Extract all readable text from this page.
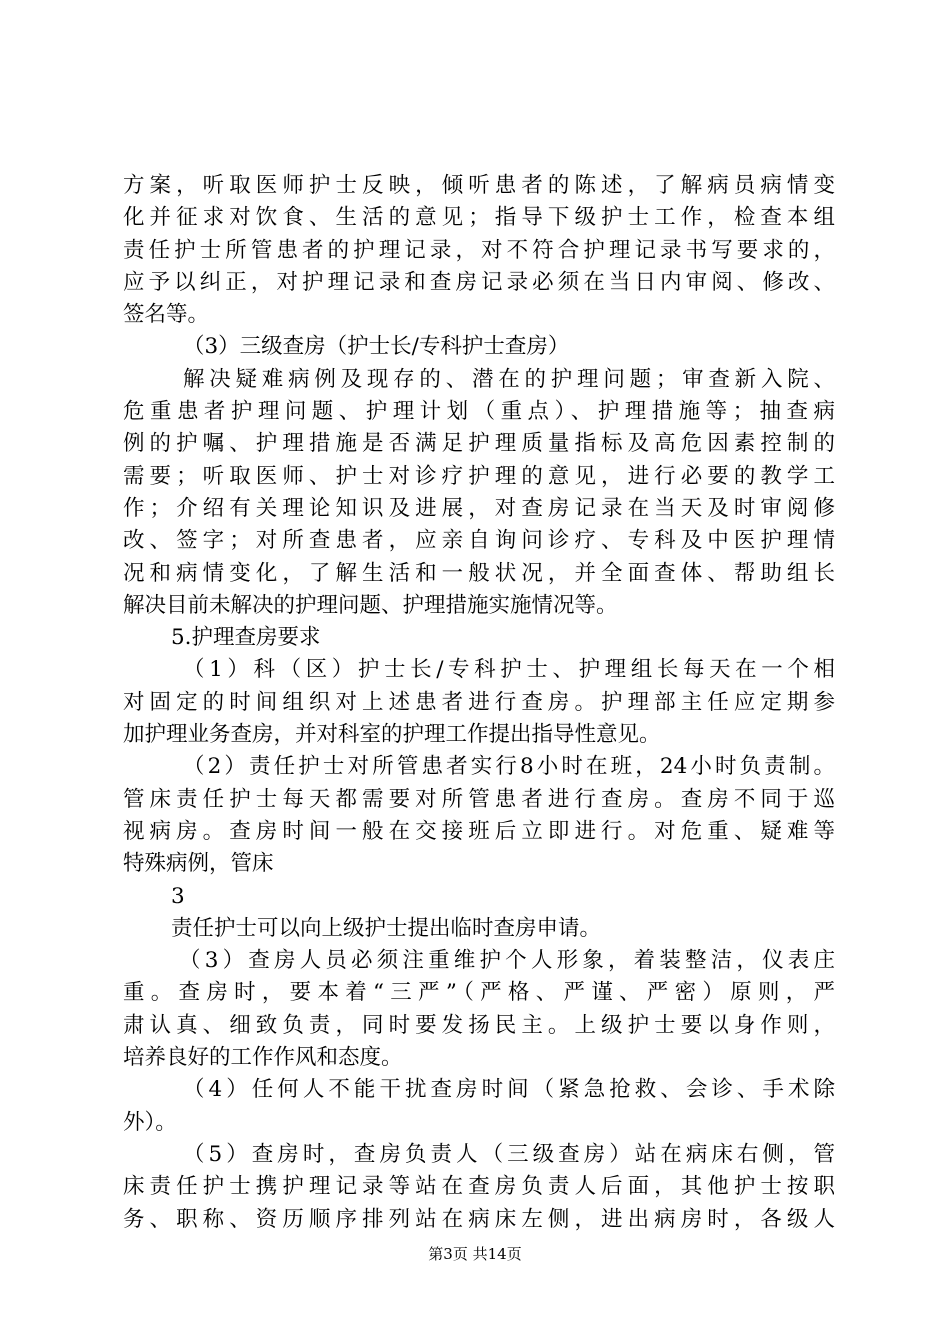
方案，听取医师护士反映，倾听患者的陈述，了解病员病情变
化并征求对饮食、生活的意见；指导下级护士工作，检查本组
责任护士所管患者的护理记录，对不符合护理记录书写要求的，
应予以纠正，对护理记录和查房记录必须在当日内审阅、修改、
签名等。
（3）三级查房（护士长/专科护士查房）
解决疑难病例及现存的、潜在的护理问题；审查新入院、
危重患者护理问题、护理计划（重点）、护理措施等；抽查病
例的护嘱、护理措施是否满足护理质量指标及高危因素控制的
需要；听取医师、护士对诊疗护理的意见，进行必要的教学工
作；介绍有关理论知识及进展，对查房记录在当天及时审阅修
改、签字；对所查患者，应亲自询问诊疗、专科及中医护理情
况和病情变化，了解生活和一般状况，并全面查体、帮助组长
解决目前未解决的护理问题、护理措施实施情况等。
5.护理查房要求
（1）科（区）护士长/专科护士、护理组长每天在一个相
对固定的时间组织对上述患者进行查房。护理部主任应定期参
加护理业务查房，并对科室的护理工作提出指导性意见。
（2）责任护士对所管患者实行8小时在班，24小时负责制。
管床责任护士每天都需要对所管患者进行查房。查房不同于巡
视病房。查房时间一般在交接班后立即进行。对危重、疑难等
特殊病例，管床
3
责任护士可以向上级护士提出临时查房申请。
（3）查房人员必须注重维护个人形象，着装整洁，仪表庄
重。查房时，要本着“三严”（严格、严谨、严密）原则，严
肃认真、细致负责，同时要发扬民主。上级护士要以身作则，
培养良好的工作作风和态度。
（4）任何人不能干扰查房时间（紧急抢救、会诊、手术除
外）。
（5）查房时，查房负责人（三级查房）站在病床右侧，管
床责任护士携护理记录等站在查房负责人后面，其他护士按职
务、职称、资历顺序排列站在病床左侧，进出病房时，各级人
第3页 共14页
